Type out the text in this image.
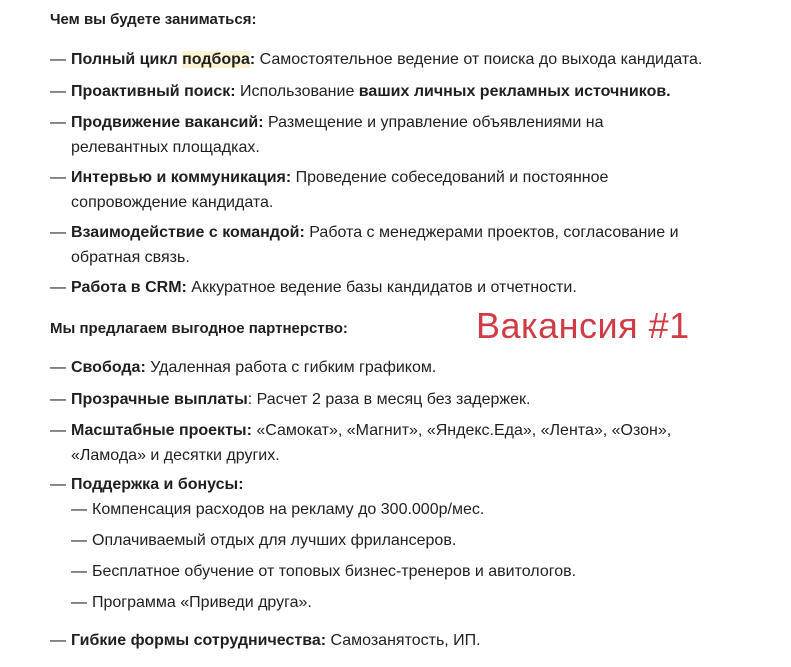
Чем вы будете заниматься:
— Полный цикл подбора: Самостоятельное ведение от поиска до выхода кандидата.
— Проактивный поиск: Использование ваших личных рекламных источников.
— Продвижение вакансий: Размещение и управление объявлениями на
релевантных площадках.
— Интервью и коммуникация: Проведение собеседований и постоянное
сопровождение кандидата.
— Взаимодействие с командой: Работа с менеджерами проектов, согласование и
обратная связь.
— Работа в CRM: Аккуратное ведение базы кандидатов и отчетности.
Мы предлагаем выгодное партнерство:	Вакансия #1
— Свобода: Удаленная работа с гибким графиком.
— Прозрачные выплаты: Расчет 2 раза в месяц без задержек.
— Масштабные проекты: «Самокат», «Магнит», «Яндекс.Еда», «Лента», «Озон»,
«Ламода» и десятки других.
— Поддержка и бонусы:
— Компенсация расходов на рекламу до 300.000р/мес.
— Оплачиваемый отдых для лучших фрилансеров.
— Бесплатное обучение от топовых бизнес-тренеров и авитологов.
— Программа «Приведи друга».
— Гибкие формы сотрудничества: Самозанятость, ИП.
